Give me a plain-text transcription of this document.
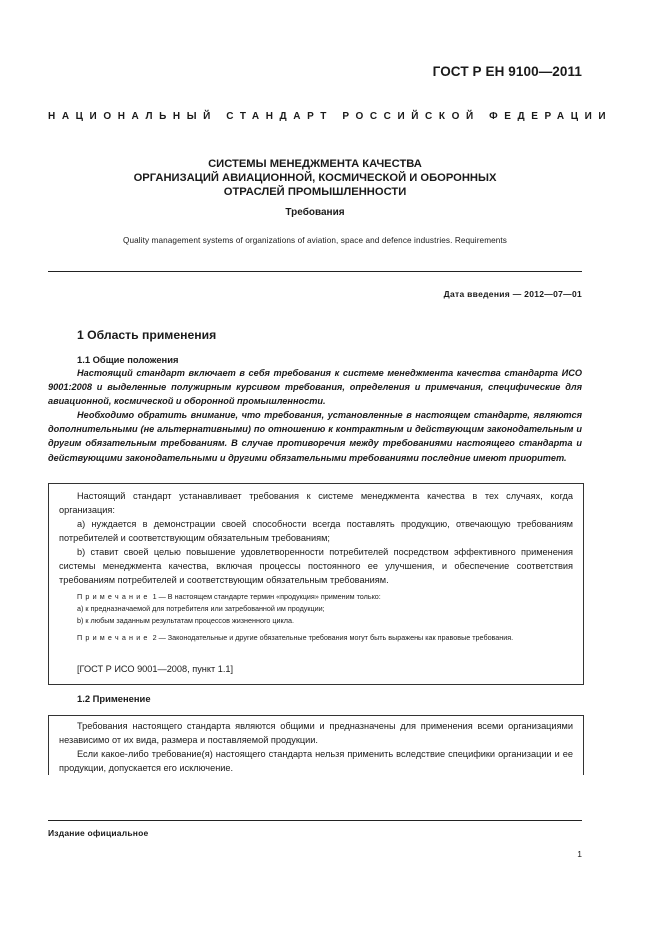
ГОСТ Р ЕН 9100—2011
НАЦИОНАЛЬНЫЙ СТАНДАРТ РОССИЙСКОЙ ФЕДЕРАЦИИ
СИСТЕМЫ МЕНЕДЖМЕНТА КАЧЕСТВА
ОРГАНИЗАЦИЙ АВИАЦИОННОЙ, КОСМИЧЕСКОЙ И ОБОРОННЫХ
ОТРАСЛЕЙ ПРОМЫШЛЕННОСТИ
Требования
Quality management systems of organizations of aviation, space and defence industries. Requirements
Дата введения — 2012—07—01
1 Область применения
1.1 Общие положения
Настоящий стандарт включает в себя требования к системе менеджмента качества стандарта ИСО 9001:2008 и выделенные полужирным курсивом требования, определения и примечания, специфические для авиационной, космической и оборонной промышленности.
Необходимо обратить внимание, что требования, установленные в настоящем стандарте, являются дополнительными (не альтернативными) по отношению к контрактным и действующим законодательным и другим обязательным требованиям. В случае противоречия между требованиями настоящего стандарта и действующими законодательными и другими обязательными требованиями последние имеют приоритет.
Настоящий стандарт устанавливает требования к системе менеджмента качества в тех случаях, когда организация:
а) нуждается в демонстрации своей способности всегда поставлять продукцию, отвечающую требованиям потребителей и соответствующим обязательным требованиям;
b) ставит своей целью повышение удовлетворенности потребителей посредством эффективного применения системы менеджмента качества, включая процессы постоянного ее улучшения, и обеспечение соответствия требованиям потребителей и соответствующим обязательным требованиям.
Примечание 1 — В настоящем стандарте термин «продукция» применим только:
а) к предназначаемой для потребителя или затребованной им продукции;
b) к любым заданным результатам процессов жизненного цикла.
Примечание 2 — Законодательные и другие обязательные требования могут быть выражены как правовые требования.
[ГОСТ Р ИСО 9001—2008, пункт 1.1]
1.2 Применение
Требования настоящего стандарта являются общими и предназначены для применения всеми организациями независимо от их вида, размера и поставляемой продукции.
Если какое-либо требование(я) настоящего стандарта нельзя применить вследствие специфики организации и ее продукции, допускается его исключение.
Издание официальное
1
